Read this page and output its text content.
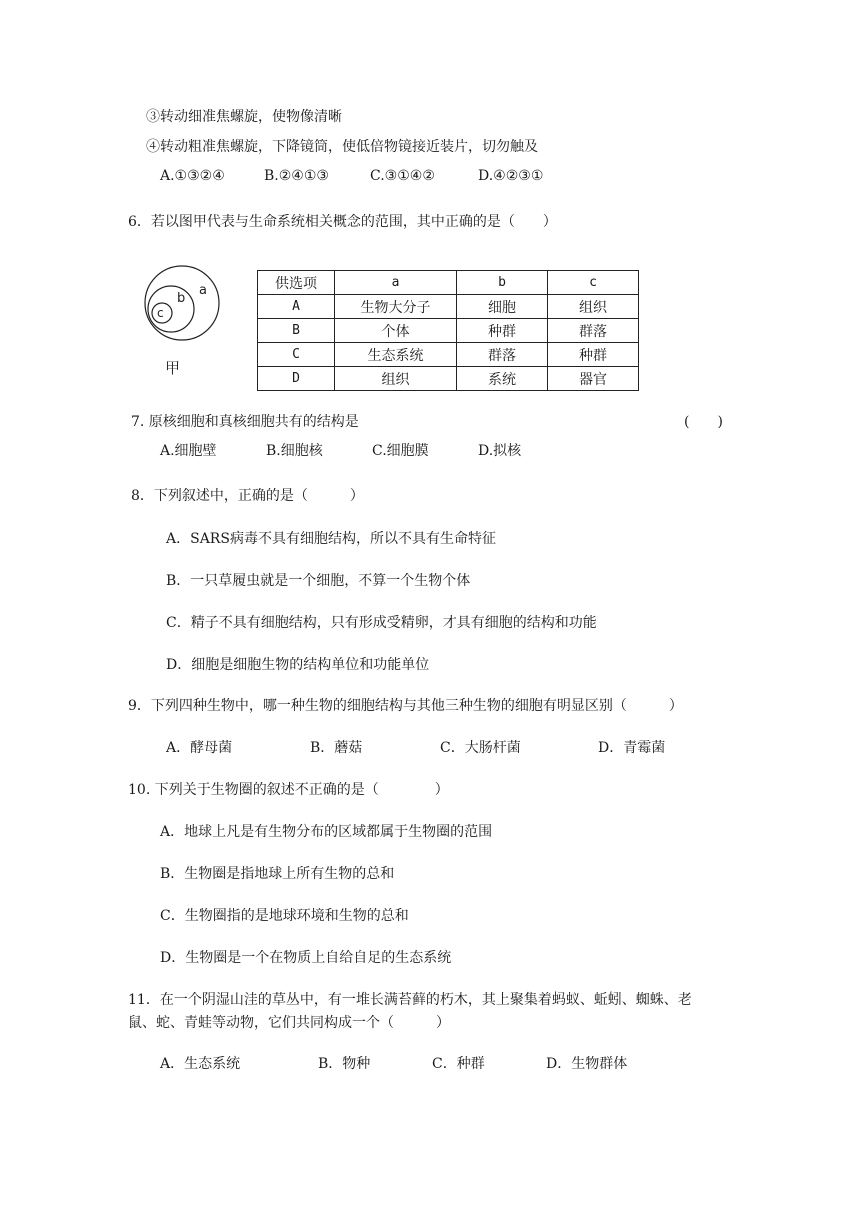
③转动细准焦螺旋，使物像清晰
④转动粗准焦螺旋，下降镜筒，使低倍物镜接近装片，切勿触及
A.①③②④	B.②④①③	C.③①④②	D.④②③①
6．若以图甲代表与生命系统相关概念的范围，其中正确的是（　　）
a
b
c
甲
供选项	a	b	c
A	生物大分子	细胞	组织
B	个体	种群	群落
C	生态系统	群落	种群
D	组织	系统	器官
7. 原核细胞和真核细胞共有的结构是	(　　)
A.细胞壁	B.细胞核	C.细胞膜	D.拟核
8．下列叙述中，正确的是（　　　）
A．SARS病毒不具有细胞结构，所以不具有生命特征
B．一只草履虫就是一个细胞，不算一个生物个体
C．精子不具有细胞结构，只有形成受精卵，才具有细胞的结构和功能
D．细胞是细胞生物的结构单位和功能单位
9．下列四种生物中，哪一种生物的细胞结构与其他三种生物的细胞有明显区别（　　　）
A．酵母菌	B．蘑菇	C．大肠杆菌	D．青霉菌
10. 下列关于生物圈的叙述不正确的是（　　　　）
A．地球上凡是有生物分布的区域都属于生物圈的范围
B．生物圈是指地球上所有生物的总和
C．生物圈指的是地球环境和生物的总和
D．生物圈是一个在物质上自给自足的生态系统
11．在一个阴湿山洼的草丛中，有一堆长满苔藓的朽木，其上聚集着蚂蚁、蚯蚓、蜘蛛、老
鼠、蛇、青蛙等动物，它们共同构成一个（　　　）
A．生态系统	B．物种	C．种群	D．生物群体
